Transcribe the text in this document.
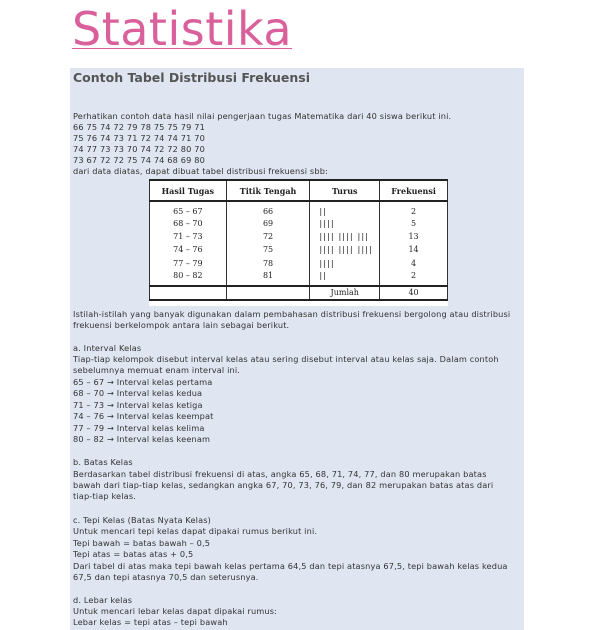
Statistika
Contoh Tabel Distribusi Frekuensi
Perhatikan contoh data hasil nilai pengerjaan tugas Matematika dari 40 siswa berikut ini.
66 75 74 72 79 78 75 75 79 71
75 76 74 73 71 72 74 74 71 70
74 77 73 73 70 74 72 72 80 70
73 67 72 72 75 74 74 68 69 80
dari data diatas, dapat dibuat tabel distribusi frekuensi sbb:
Hasil Tugas	Titik Tengah	Turus	Frekuensi
65 – 67	66	||	2
68 – 70	69	||||	5
71 – 73	72	|||| |||| |||	13
74 – 76	75	|||| |||| ||||	14
77 – 79	78	||||	4
80 – 82	81	||	2
		Jumlah	40
Istilah-istilah yang banyak digunakan dalam pembahasan distribusi frekuensi bergolong atau distribusi
frekuensi berkelompok antara lain sebagai berikut.
a. Interval Kelas
Tiap-tiap kelompok disebut interval kelas atau sering disebut interval atau kelas saja. Dalam contoh
sebelumnya memuat enam interval ini.
65 – 67 → Interval kelas pertama
68 – 70 → Interval kelas kedua
71 – 73 → Interval kelas ketiga
74 – 76 → Interval kelas keempat
77 – 79 → Interval kelas kelima
80 – 82 → Interval kelas keenam
b. Batas Kelas
Berdasarkan tabel distribusi frekuensi di atas, angka 65, 68, 71, 74, 77, dan 80 merupakan batas
bawah dari tiap-tiap kelas, sedangkan angka 67, 70, 73, 76, 79, dan 82 merupakan batas atas dari
tiap-tiap kelas.
c. Tepi Kelas (Batas Nyata Kelas)
Untuk mencari tepi kelas dapat dipakai rumus berikut ini.
Tepi bawah = batas bawah – 0,5
Tepi atas = batas atas + 0,5
Dari tabel di atas maka tepi bawah kelas pertama 64,5 dan tepi atasnya 67,5, tepi bawah kelas kedua
67,5 dan tepi atasnya 70,5 dan seterusnya.
d. Lebar kelas
Untuk mencari lebar kelas dapat dipakai rumus:
Lebar kelas = tepi atas – tepi bawah
